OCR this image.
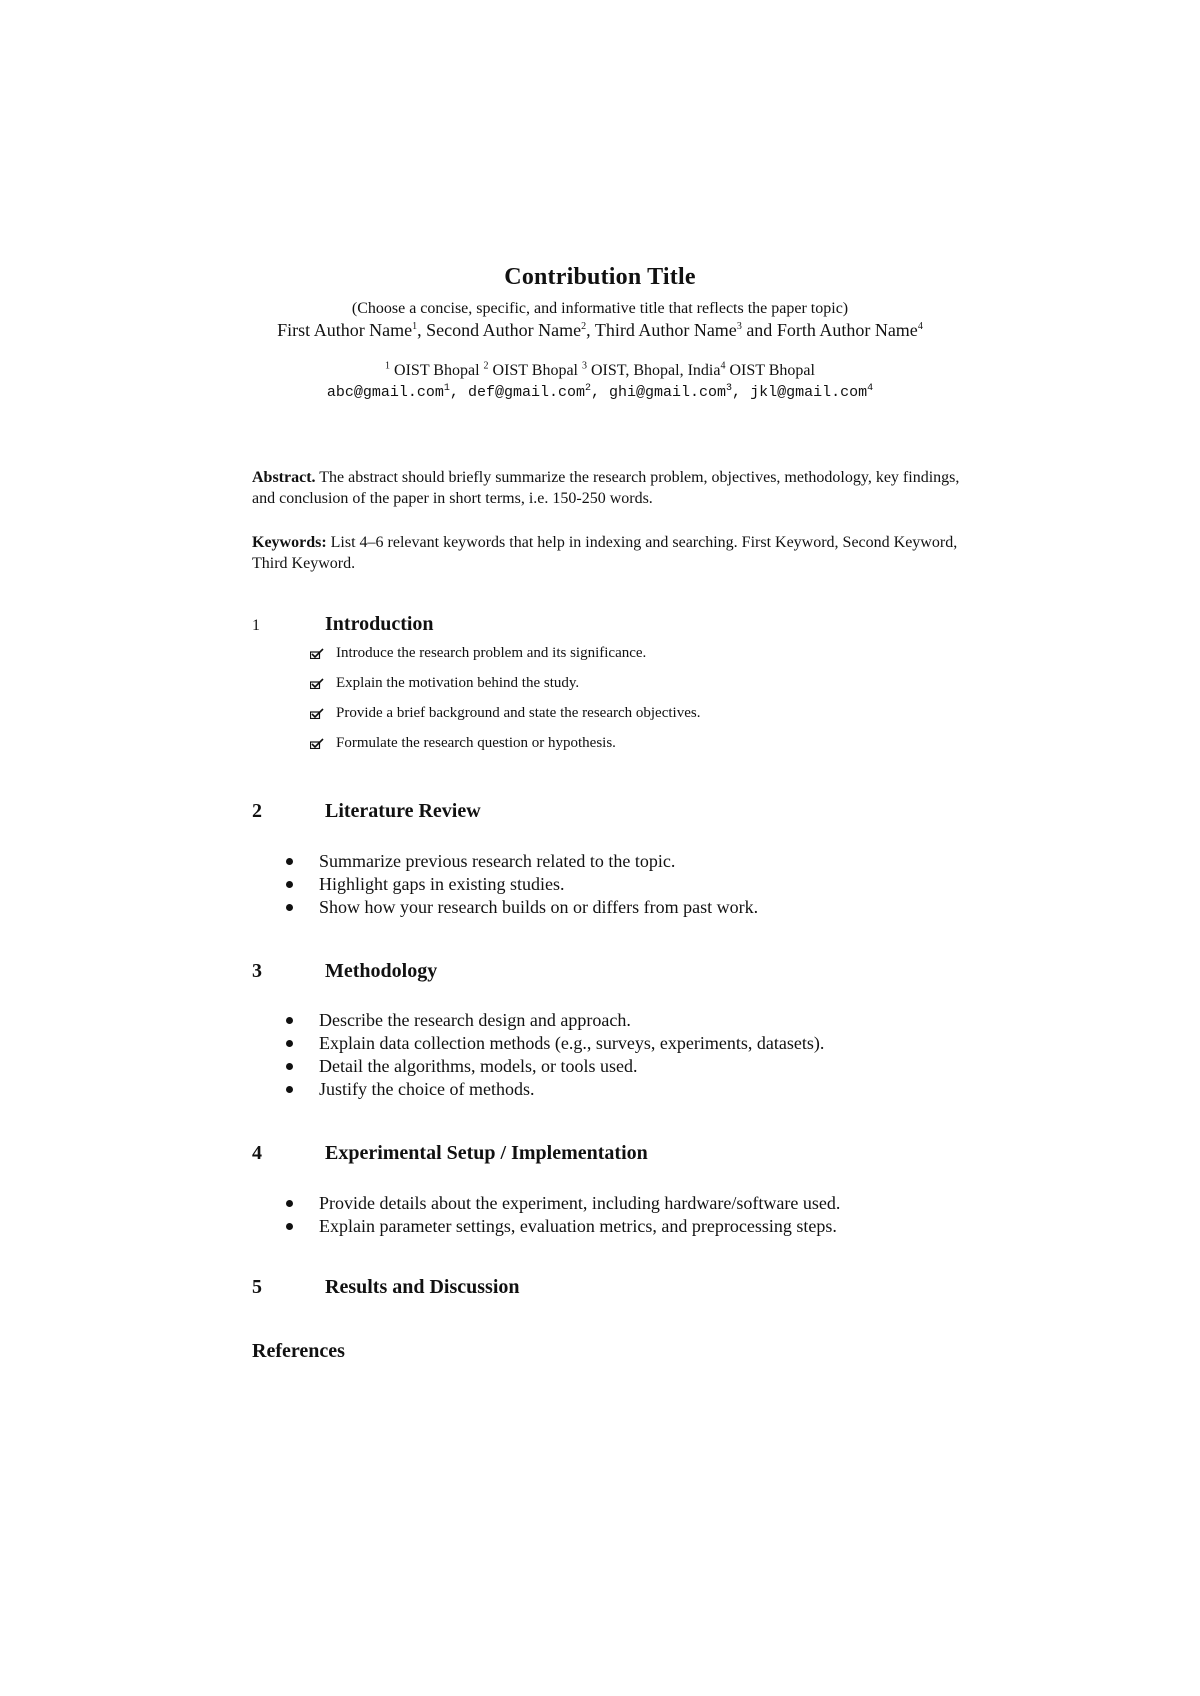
Contribution Title
(Choose a concise, specific, and informative title that reflects the paper topic)
First Author Name$^1$, Second Author Name$^2$, Third Author Name$^3$ and Forth Author Name$^4$
$^1$ OIST Bhopal $^2$ OIST Bhopal $^3$ OIST, Bhopal, India$^4$ OIST Bhopal
abc@gmail.com$^1$, def@gmail.com$^2$, ghi@gmail.com$^3$, jkl@gmail.com$^4$
Abstract. The abstract should briefly summarize the research problem, objectives, methodology, key findings, and conclusion of the paper in short terms, i.e. 150-250 words.
Keywords: List 4–6 relevant keywords that help in indexing and searching. First Keyword, Second Keyword, Third Keyword.
1	Introduction
Introduce the research problem and its significance.
Explain the motivation behind the study.
Provide a brief background and state the research objectives.
Formulate the research question or hypothesis.
2	Literature Review
Summarize previous research related to the topic.
Highlight gaps in existing studies.
Show how your research builds on or differs from past work.
3	Methodology
Describe the research design and approach.
Explain data collection methods (e.g., surveys, experiments, datasets).
Detail the algorithms, models, or tools used.
Justify the choice of methods.
4	Experimental Setup / Implementation
Provide details about the experiment, including hardware/software used.
Explain parameter settings, evaluation metrics, and preprocessing steps.
5	Results and Discussion
References
